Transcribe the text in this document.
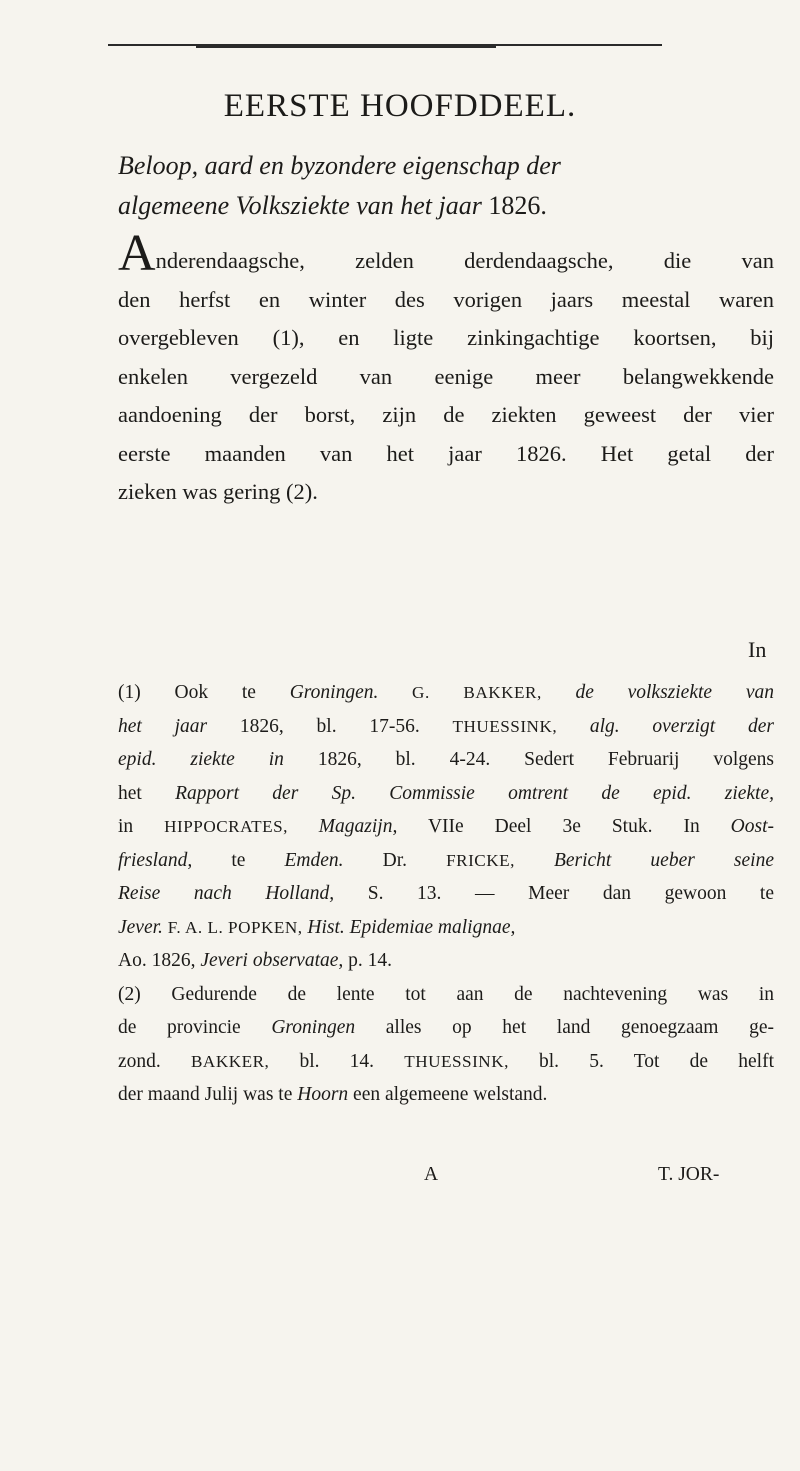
EERSTE HOOFDDEEL.
Beloop, aard en byzondere eigenschap der
algemeene Volksziekte van het jaar 1826.
Anderendaagsche, zelden derdendaagsche, die van
den herfst en winter des vorigen jaars meestal waren
overgebleven (1), en ligte zinkingachtige koortsen, bij
enkelen vergezeld van eenige meer belangwekkende
aandoening der borst, zijn de ziekten geweest der vier
eerste maanden van het jaar 1826. Het getal der
zieken was gering (2).
In
(1) Ook te Groningen. G. BAKKER, de volksziekte van
het jaar 1826, bl. 17-56. THUESSINK, alg. overzigt der
epid. ziekte in 1826, bl. 4-24. Sedert Februarij volgens
het Rapport der Sp. Commissie omtrent de epid. ziekte,
in HIPPOCRATES, Magazijn, VIIe Deel 3e Stuk. In Oost-
friesland, te Emden. Dr. FRICKE, Bericht ueber seine
Reise nach Holland, S. 13. — Meer dan gewoon te
Jever. F. A. L. POPKEN, Hist. Epidemiae malignae,
Ao. 1826, Jeveri observatae, p. 14.
(2) Gedurende de lente tot aan de nachtevening was in
de provincie Groningen alles op het land genoegzaam ge-
zond. BAKKER, bl. 14. THUESSINK, bl. 5. Tot de helft
der maand Julij was te Hoorn een algemeene welstand.
A	T. JOR-
